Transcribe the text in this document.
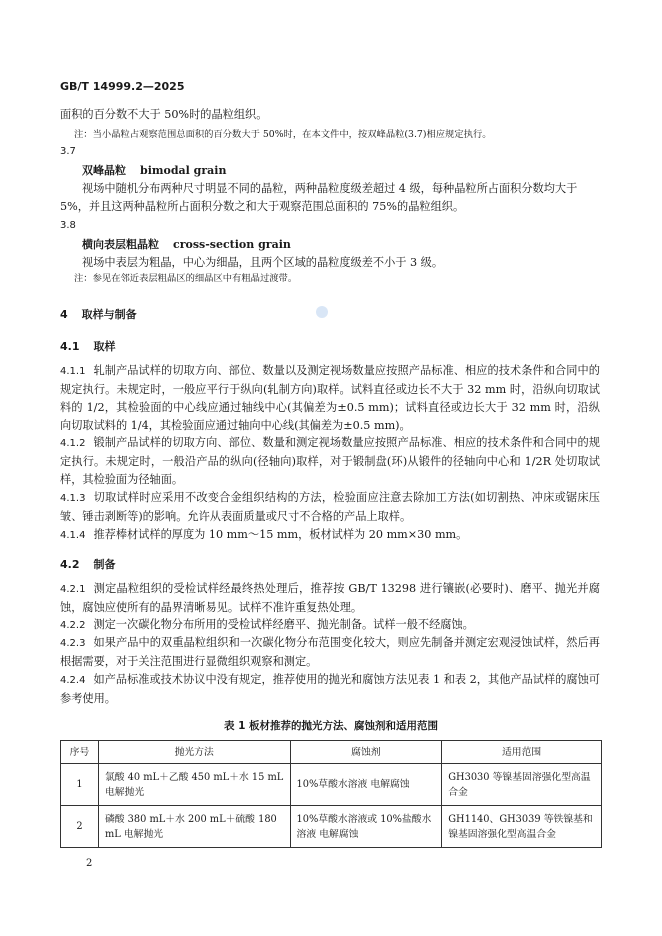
GB/T 14999.2—2025
面积的百分数不大于 50%时的晶粒组织。
注：当小晶粒占观察范围总面积的百分数大于 50%时，在本文件中，按双峰晶粒(3.7)相应规定执行。
3.7
双峰晶粒 bimodal grain
视场中随机分布两种尺寸明显不同的晶粒，两种晶粒度级差超过 4 级，每种晶粒所占面积分数均大于 5%，并且这两种晶粒所占面积分数之和大于观察范围总面积的 75%的晶粒组织。
3.8
横向表层粗晶粒 cross-section grain
视场中表层为粗晶，中心为细晶，且两个区域的晶粒度级差不小于 3 级。
注：参见在邻近表层粗晶区的细晶区中有粗晶过渡带。
4 取样与制备
4.1 取样
4.1.1 轧制产品试样的切取方向、部位、数量以及测定视场数量应按照产品标准、相应的技术条件和合同中的规定执行。未规定时，一般应平行于纵向(轧制方向)取样。试料直径或边长不大于 32 mm 时，沿纵向切取试料的 1/2，其检验面的中心线应通过轴线中心(其偏差为±0.5 mm)；试料直径或边长大于 32 mm 时，沿纵向切取试料的 1/4，其检验面应通过轴向中心线(其偏差为±0.5 mm)。
4.1.2 锻制产品试样的切取方向、部位、数量和测定视场数量应按照产品标准、相应的技术条件和合同中的规定执行。未规定时，一般沿产品的纵向(径轴向)取样，对于锻制盘(环)从锻件的径轴向中心和 1/2R 处切取试样，其检验面为径轴面。
4.1.3 切取试样时应采用不改变合金组织结构的方法，检验面应注意去除加工方法(如切割热、冲床或锯床压皱、锤击剥断等)的影响。允许从表面质量或尺寸不合格的产品上取样。
4.1.4 推荐棒材试样的厚度为 10 mm～15 mm，板材试样为 20 mm×30 mm。
4.2 制备
4.2.1 测定晶粒组织的受检试样经最终热处理后，推荐按 GB/T 13298 进行镶嵌(必要时)、磨平、抛光并腐蚀，腐蚀应使所有的晶界清晰易见。试样不准许重复热处理。
4.2.2 测定一次碳化物分布所用的受检试样经磨平、抛光制备。试样一般不经腐蚀。
4.2.3 如果产品中的双重晶粒组织和一次碳化物分布范围变化较大，则应先制备并测定宏观浸蚀试样，然后再根据需要，对于关注范围进行显微组织观察和测定。
4.2.4 如产品标准或技术协议中没有规定，推荐使用的抛光和腐蚀方法见表 1 和表 2，其他产品试样的腐蚀可参考使用。
表 1 板材推荐的抛光方法、腐蚀剂和适用范围
序号	抛光方法	腐蚀剂	适用范围
1	氯酸 40 mL＋乙酸 450 mL＋水 15 mL 电解抛光	10%草酸水溶液 电解腐蚀	GH3030 等镍基固溶强化型高温合金
2	磷酸 380 mL＋水 200 mL＋硫酸 180 mL 电解抛光	10%草酸水溶液或 10%盐酸水溶液 电解腐蚀	GH1140、GH3039 等铁镍基和镍基固溶强化型高温合金
2
